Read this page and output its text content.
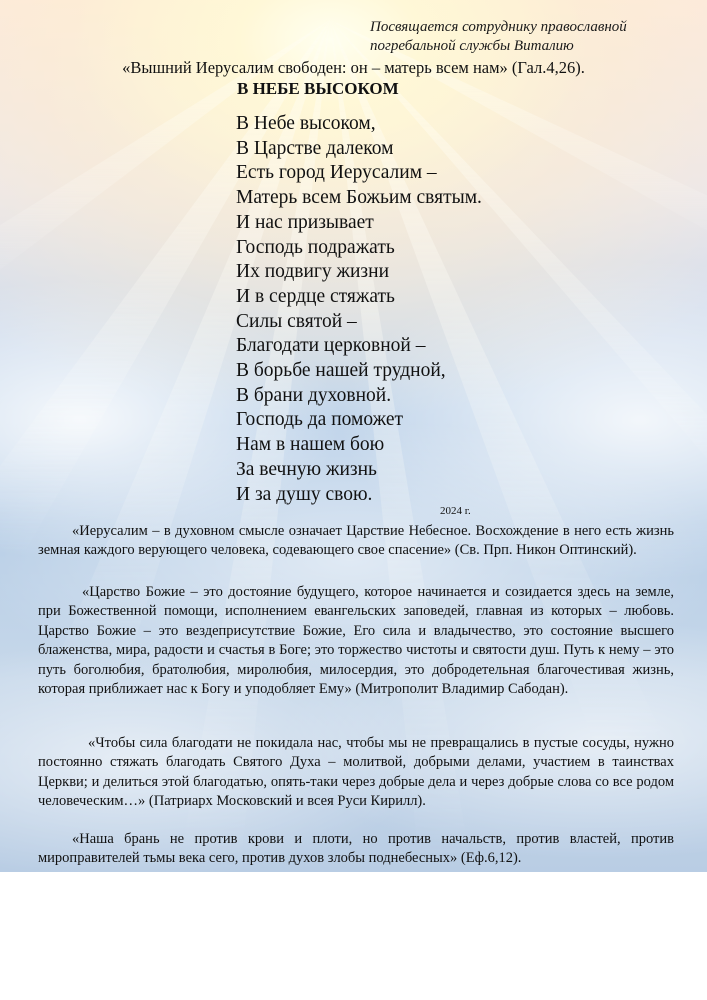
Посвящается сотруднику православной погребальной службы Виталию
«Вышний Иерусалим свободен: он – матерь всем нам» (Гал.4,26).
В НЕБЕ ВЫСОКОМ
В Небе высоком,
В Царстве далеком
Есть город Иерусалим –
Матерь всем Божьим святым.
И нас призывает
Господь подражать
Их подвигу жизни
И в сердце стяжать
Силы святой –
Благодати церковной –
В борьбе нашей трудной,
В брани духовной.
Господь да поможет
Нам в нашем бою
За вечную жизнь
И за душу свою.
2024 г.

«Иерусалим – в духовном смысле означает Царствие Небесное. Восхождение в него есть жизнь земная каждого верующего человека, содевающего свое спасение» (Св. Прп. Никон Оптинский).

«Царство Божие – это достояние будущего, которое начинается и созидается здесь на земле, при Божественной помощи, исполнением евангельских заповедей, главная из которых – любовь. Царство Божие – это вездеприсутствие Божие, Его сила и владычество, это состояние высшего блаженства, мира, радости и счастья в Боге; это торжество чистоты и святости душ. Путь к нему – это путь боголюбия, братолюбия, миролюбия, милосердия, это добродетельная благочестивая жизнь, которая приближает нас к Богу и уподобляет Ему» (Митрополит Владимир Сабодан).

«Чтобы сила благодати не покидала нас, чтобы мы не превращались в пустые сосуды, нужно постоянно стяжать благодать Святого Духа – молитвой, добрыми делами, участием в таинствах Церкви; и делиться этой благодатью, опять-таки через добрые дела и через добрые слова со все родом человеческим…» (Патриарх Московский и всея Руси Кирилл).

«Наша брань не против крови и плоти, но против начальств, против властей, против мироправителей тьмы века сего, против духов злобы поднебесных» (Еф.6,12).
